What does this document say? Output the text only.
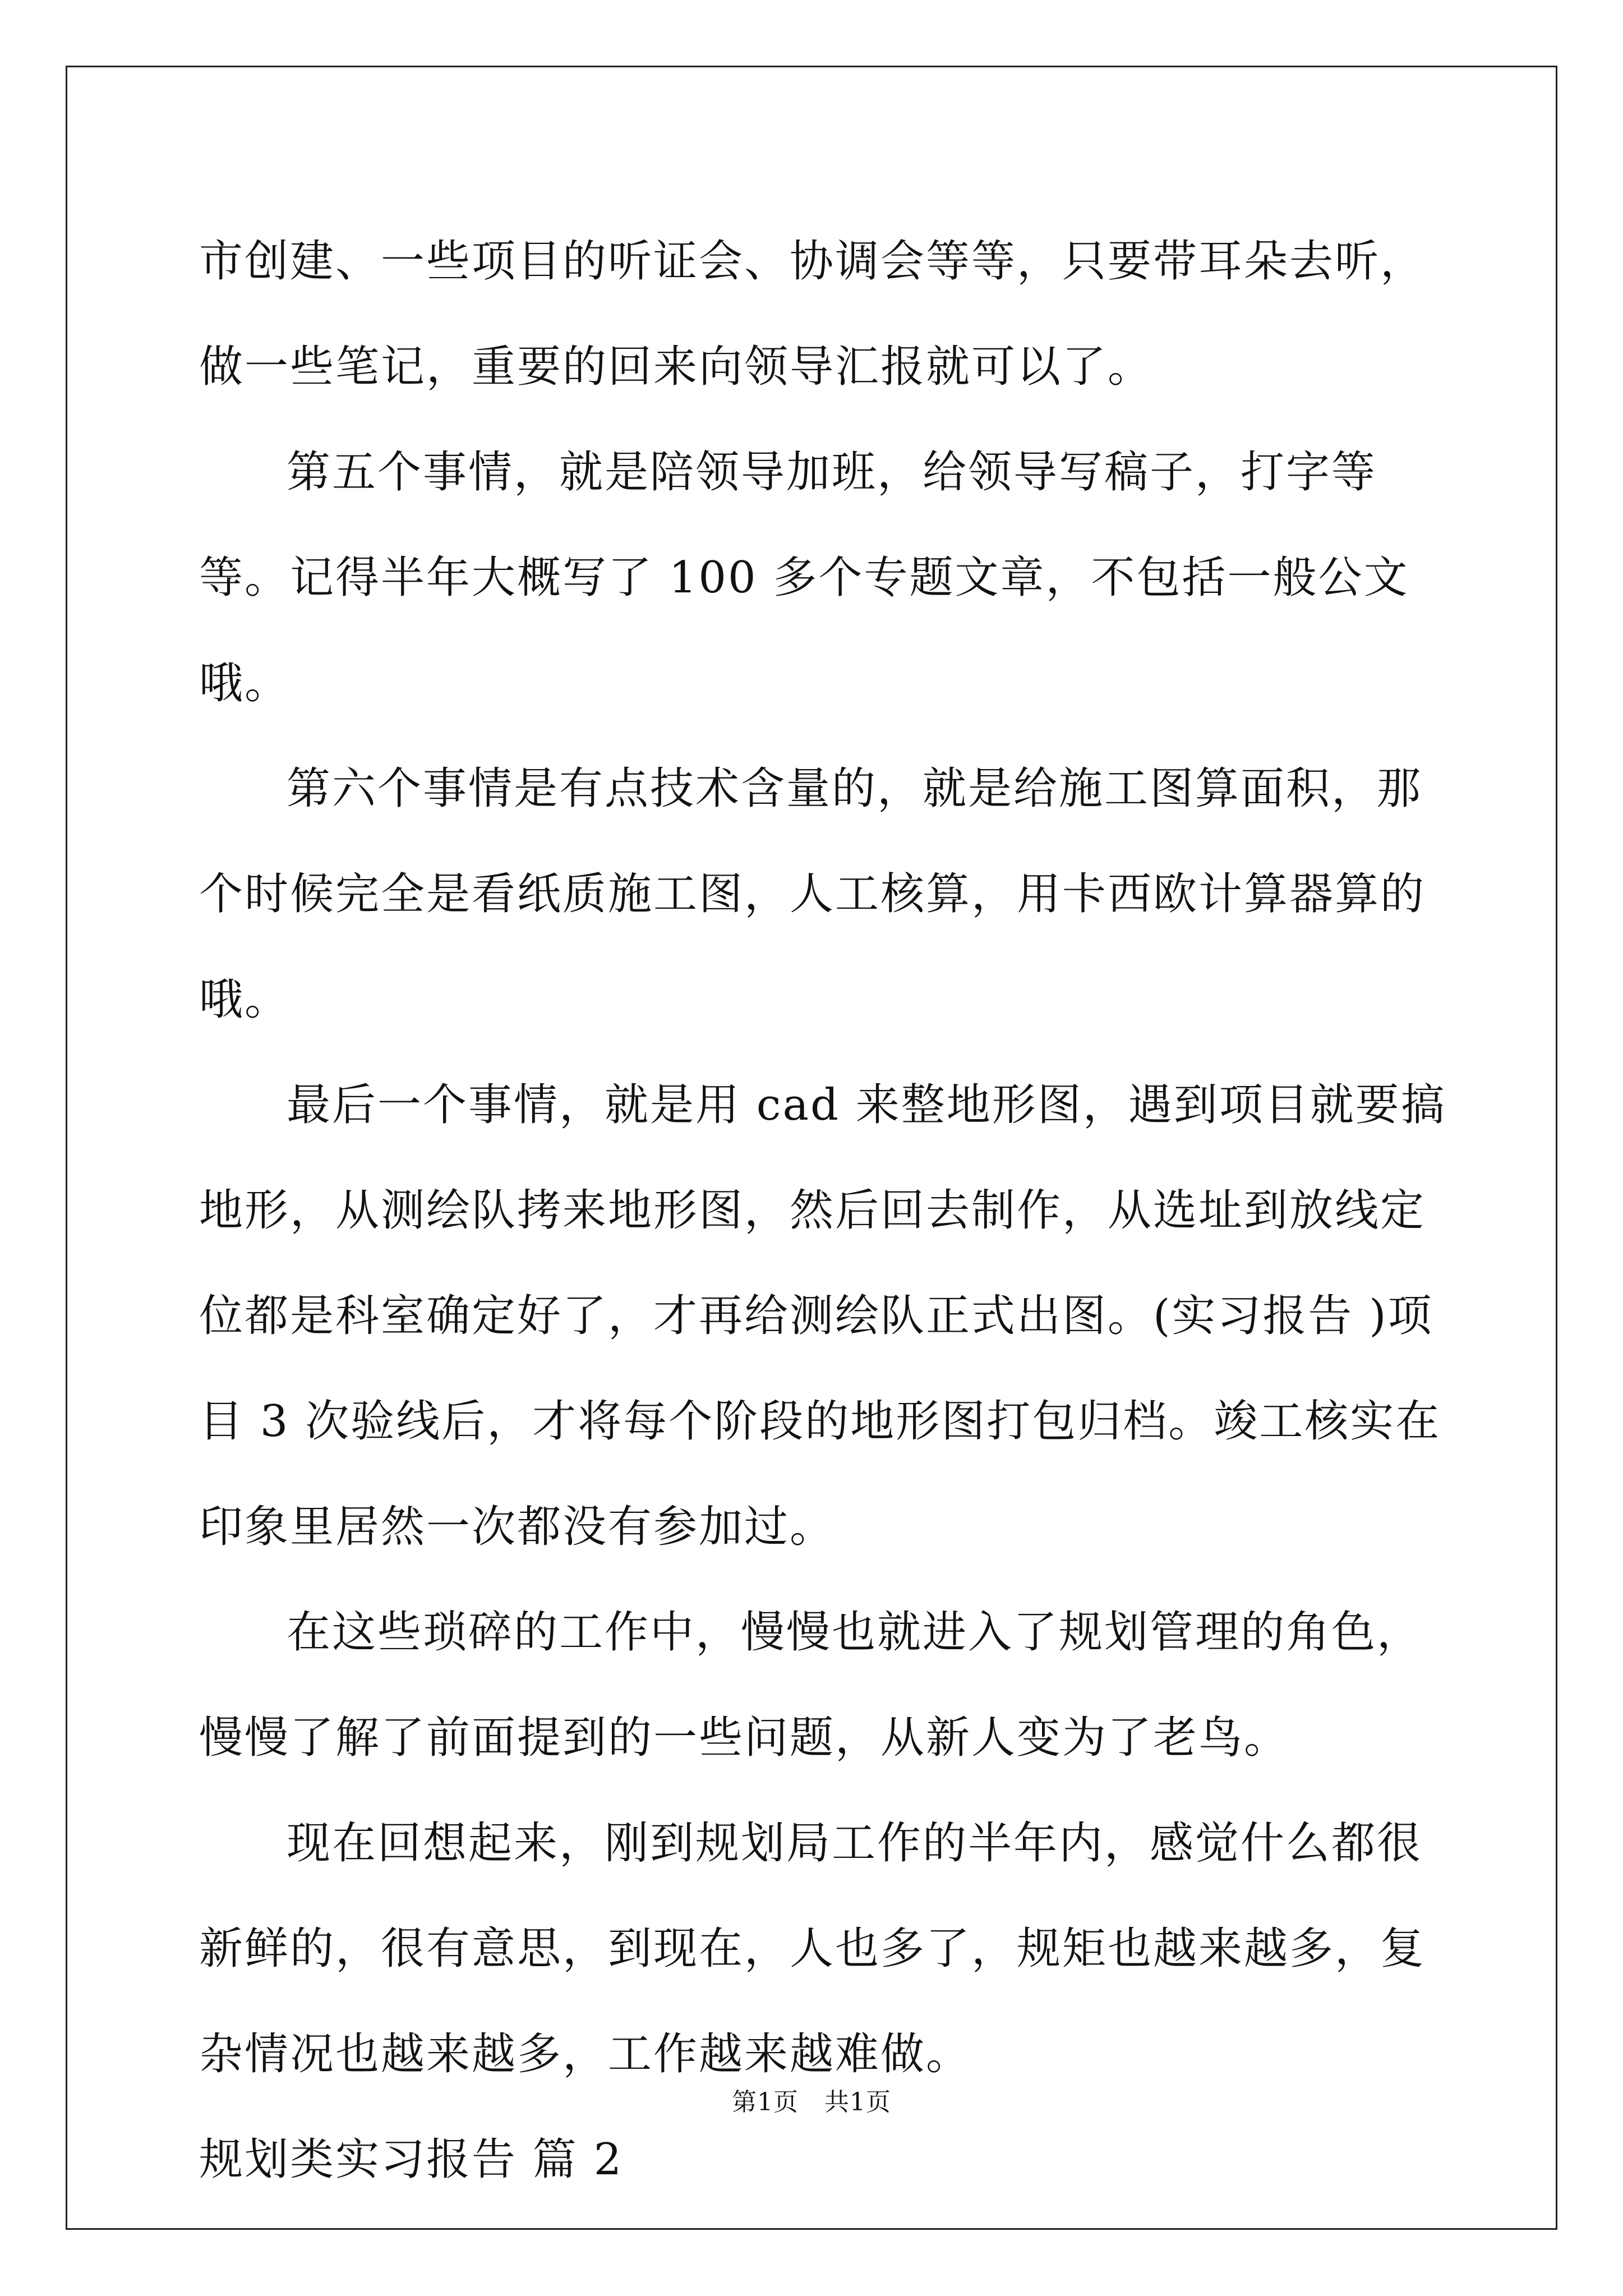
市创建、一些项目的听证会、协调会等等，只要带耳朵去听，做一些笔记，重要的回来向领导汇报就可以了。

第五个事情，就是陪领导加班，给领导写稿子，打字等等。记得半年大概写了 100 多个专题文章，不包括一般公文哦。

第六个事情是有点技术含量的，就是给施工图算面积，那个时候完全是看纸质施工图，人工核算，用卡西欧计算器算的哦。

最后一个事情，就是用 cad 来整地形图，遇到项目就要搞地形，从测绘队拷来地形图，然后回去制作，从选址到放线定位都是科室确定好了，才再给测绘队正式出图。(实习报告 )项目 3 次验线后，才将每个阶段的地形图打包归档。竣工核实在印象里居然一次都没有参加过。

在这些琐碎的工作中，慢慢也就进入了规划管理的角色，慢慢了解了前面提到的一些问题，从新人变为了老鸟。

现在回想起来，刚到规划局工作的半年内，感觉什么都很新鲜的，很有意思，到现在，人也多了，规矩也越来越多，复杂情况也越来越多，工作越来越难做。

规划类实习报告 篇 2

第1页 共1页
